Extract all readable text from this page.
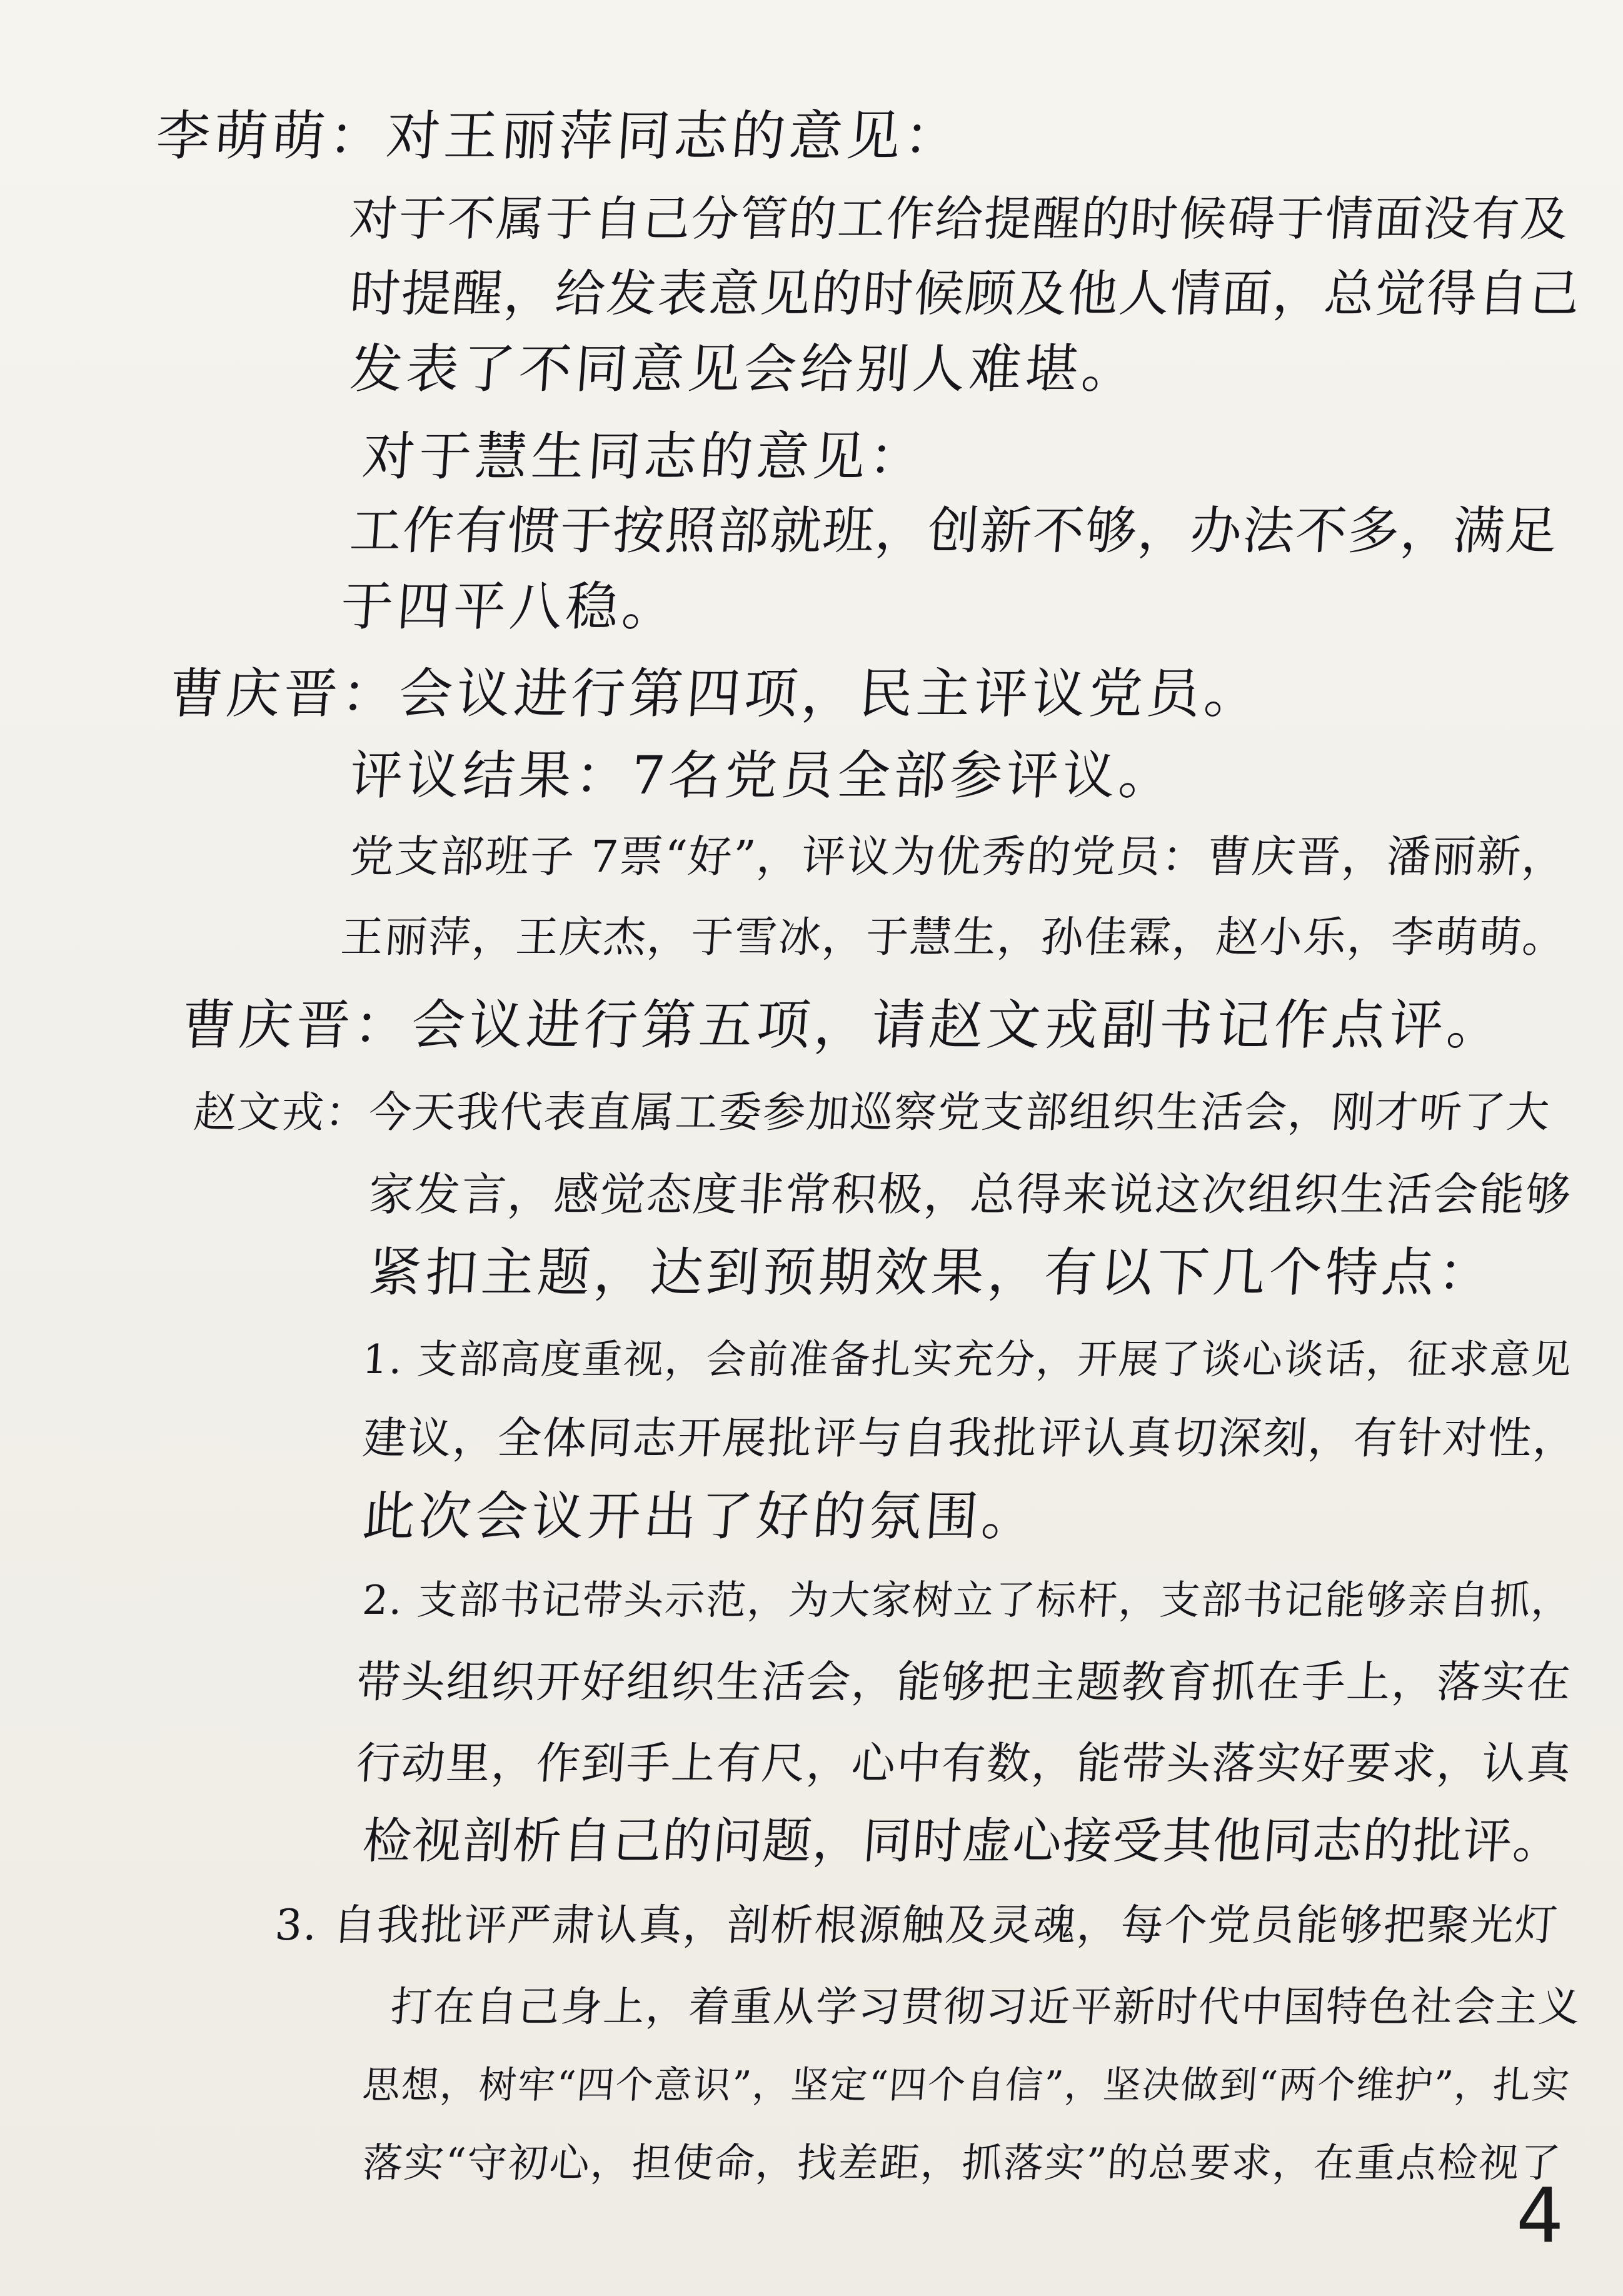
李萌萌：对王丽萍同志的意见：
对于不属于自己分管的工作给提醒的时候碍于情面没有及
时提醒，给发表意见的时候顾及他人情面，总觉得自己
发表了不同意见会给别人难堪。
对于慧生同志的意见：
工作有惯于按照部就班，创新不够，办法不多，满足
于四平八稳。
曹庆晋：会议进行第四项，民主评议党员。
评议结果：7名党员全部参评议。
党支部班子 7票“好”，评议为优秀的党员：曹庆晋，潘丽新，
王丽萍，王庆杰，于雪冰，于慧生，孙佳霖，赵小乐，李萌萌。
曹庆晋：会议进行第五项，请赵文戎副书记作点评。
赵文戎：今天我代表直属工委参加巡察党支部组织生活会，刚才听了大
家发言，感觉态度非常积极，总得来说这次组织生活会能够
紧扣主题，达到预期效果，有以下几个特点：
1. 支部高度重视，会前准备扎实充分，开展了谈心谈话，征求意见
建议，全体同志开展批评与自我批评认真切深刻，有针对性，
此次会议开出了好的氛围。
2. 支部书记带头示范，为大家树立了标杆，支部书记能够亲自抓，
带头组织开好组织生活会，能够把主题教育抓在手上，落实在
行动里，作到手上有尺，心中有数，能带头落实好要求，认真
检视剖析自己的问题，同时虚心接受其他同志的批评。
3. 自我批评严肃认真，剖析根源触及灵魂，每个党员能够把聚光灯
打在自己身上，着重从学习贯彻习近平新时代中国特色社会主义
思想，树牢“四个意识”，坚定“四个自信”，坚决做到“两个维护”，扎实
落实“守初心，担使命，找差距，抓落实”的总要求，在重点检视了
4
